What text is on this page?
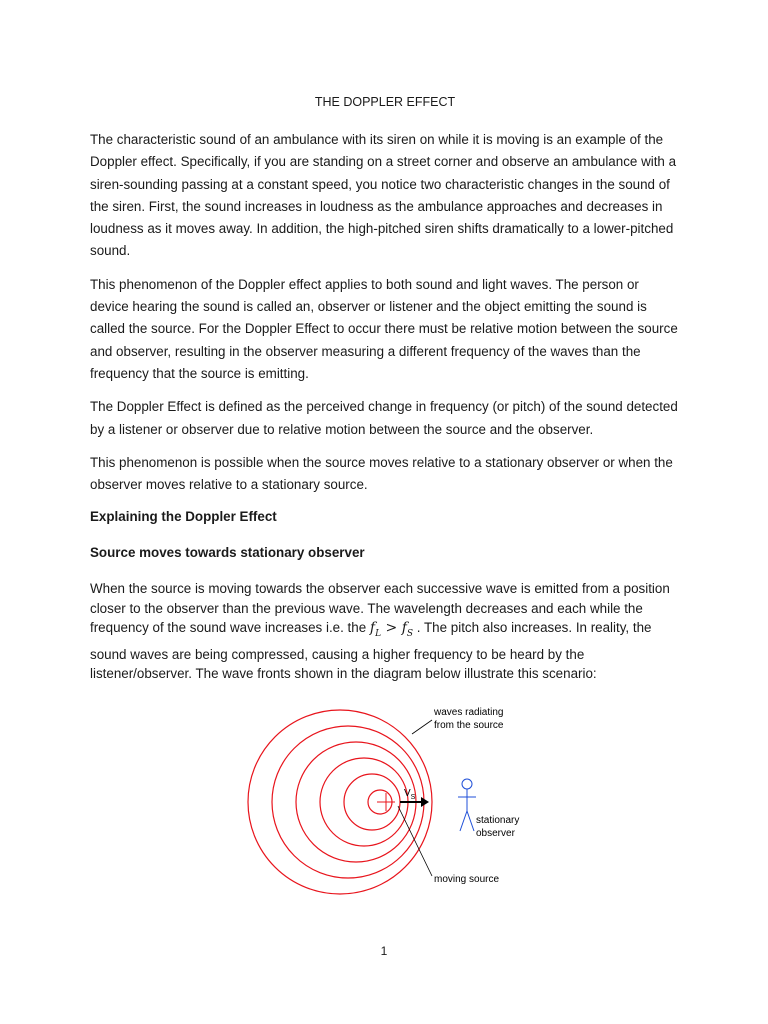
THE DOPPLER EFFECT

The characteristic sound of an ambulance with its siren on while it is moving is an example of the Doppler effect. Specifically, if you are standing on a street corner and observe an ambulance with a siren-sounding passing at a constant speed, you notice two characteristic changes in the sound of the siren. First, the sound increases in loudness as the ambulance approaches and decreases in loudness as it moves away. In addition, the high-pitched siren shifts dramatically to a lower-pitched sound.

This phenomenon of the Doppler effect applies to both sound and light waves. The person or device hearing the sound is called an, observer or listener and the object emitting the sound is called the source. For the Doppler Effect to occur there must be relative motion between the source and observer, resulting in the observer measuring a different frequency of the waves than the frequency that the source is emitting.

The Doppler Effect is defined as the perceived change in frequency (or pitch) of the sound detected by a listener or observer due to relative motion between the source and the observer.

This phenomenon is possible when the source moves relative to a stationary observer or when the observer moves relative to a stationary source.

Explaining the Doppler Effect
Source moves towards stationary observer

When the source is moving towards the observer each successive wave is emitted from a position closer to the observer than the previous wave. The wavelength decreases and each while the frequency of the sound wave increases i.e. the $f_L > f_S$ . The pitch also increases. In reality, the sound waves are being compressed, causing a higher frequency to be heard by the listener/observer. The wave fronts shown in the diagram below illustrate this scenario:

$V_S$
waves radiating
from the source
moving source
stationary
observer
1
